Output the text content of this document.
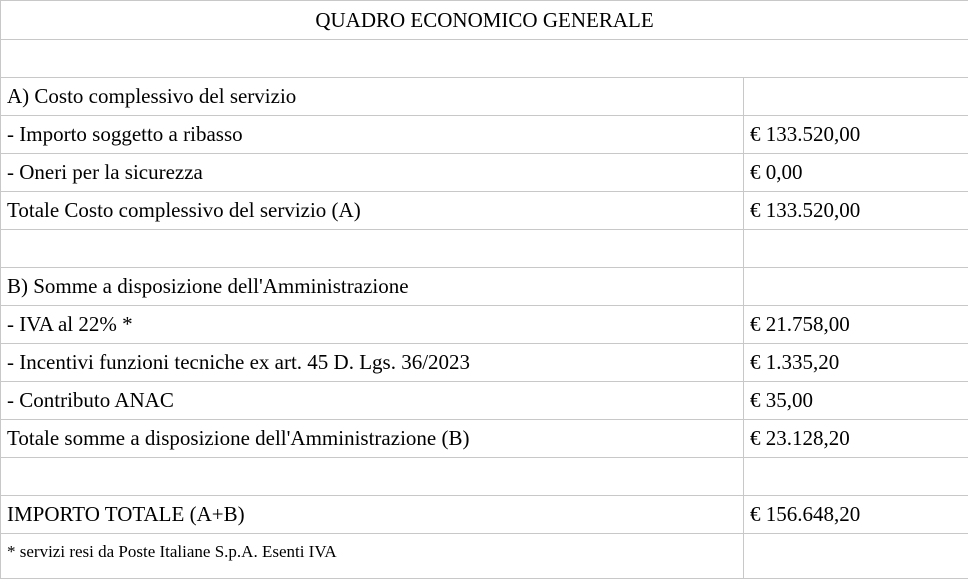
QUADRO ECONOMICO GENERALE	

A) Costo complessivo del servizio	
- Importo soggetto a ribasso	€ 133.520,00
- Oneri per la sicurezza	€ 0,00
Totale Costo complessivo del servizio (A)	€ 133.520,00

B) Somme a disposizione dell'Amministrazione	
- IVA al 22% *	€ 21.758,00
- Incentivi funzioni tecniche ex art. 45 D. Lgs. 36/2023	€ 1.335,20
- Contributo ANAC	€ 35,00
Totale somme a disposizione dell'Amministrazione (B)	€ 23.128,20

IMPORTO TOTALE (A+B)	€ 156.648,20
* servizi resi da Poste Italiane S.p.A. Esenti IVA	
